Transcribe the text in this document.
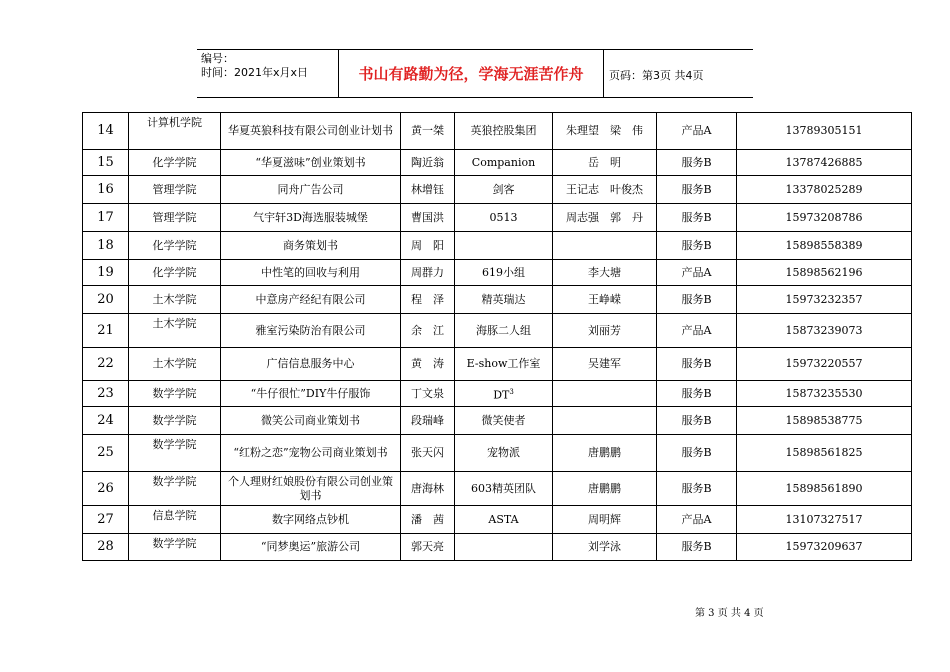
编号：
时间：2021年x月x日	书山有路勤为径，学海无涯苦作舟	页码：第3页 共4页
14	计算机学院	华夏英狼科技有限公司创业计划书	黄一桀	英狼控股集团	朱理望　梁　伟	产品A	13789305151
15	化学学院	“华夏滋味”创业策划书	陶近翁	Companion	岳　明	服务B	13787426885
16	管理学院	同舟广告公司	林增钰	剑客	王记志　叶俊杰	服务B	13378025289
17	管理学院	气宇轩3D海选服装城堡	曹国洪	0513	周志强　郭　丹	服务B	15973208786
18	化学学院	商务策划书	周　阳			服务B	15898558389
19	化学学院	中性笔的回收与利用	周群力	619小组	李大塘	产品A	15898562196
20	土木学院	中意房产经纪有限公司	程　泽	精英瑞达	王峥嵘	服务B	15973232357
21	土木学院	雅室污染防治有限公司	余　江	海豚二人组	刘丽芳	产品A	15873239073
22	土木学院	广信信息服务中心	黄　涛	E-show工作室	吴建军	服务B	15973220557
23	数学学院	“牛仔很忙”DIY牛仔服饰	丁文泉	$DT^3$		服务B	15873235530
24	数学学院	微笑公司商业策划书	段瑞峰	微笑使者		服务B	15898538775
25	数学学院	“红粉之恋”宠物公司商业策划书	张天闪	宠物派	唐鹏鹏	服务B	15898561825
26	数学学院	个人理财红娘股份有限公司创业策划书	唐海林	603精英团队	唐鹏鹏	服务B	15898561890
27	信息学院	数字网络点钞机	潘　茜	ASTA	周明辉	产品A	13107327517
28	数学学院	“同梦奥运”旅游公司	郭天亮		刘学泳	服务B	15973209637
第 3 页 共 4 页
